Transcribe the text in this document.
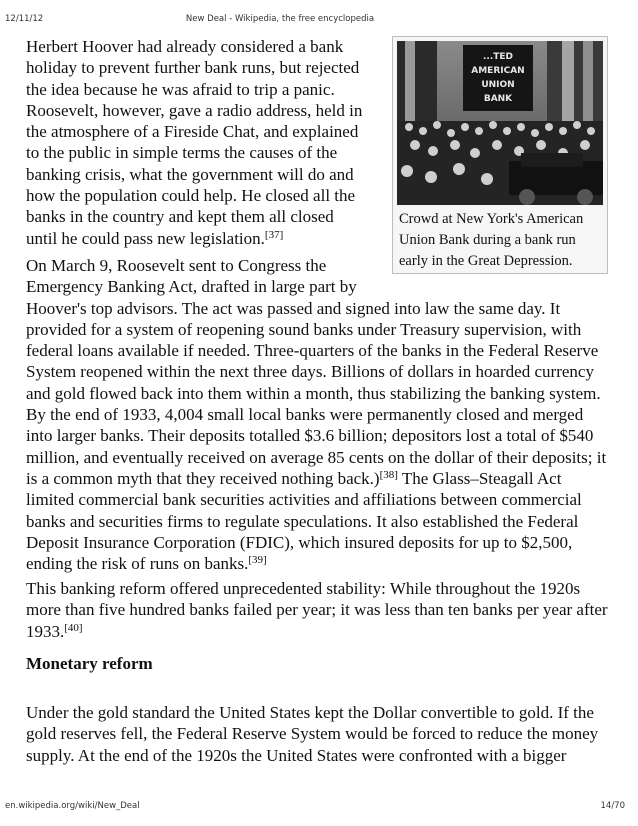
12/11/12	New Deal - Wikipedia, the free encyclopedia
...TED
AMERICAN
UNION
BANK
Crowd at New York's American
Union Bank during a bank run
early in the Great Depression.

Herbert Hoover had already considered a bank
holiday to prevent further bank runs, but rejected
the idea because he was afraid to trip a panic.
Roosevelt, however, gave a radio address, held in
the atmosphere of a Fireside Chat, and explained
to the public in simple terms the causes of the
banking crisis, what the government will do and
how the population could help. He closed all the
banks in the country and kept them all closed
until he could pass new legislation.[37]

On March 9, Roosevelt sent to Congress the
Emergency Banking Act, drafted in large part by
Hoover's top advisors. The act was passed and signed into law the same day. It
provided for a system of reopening sound banks under Treasury supervision, with
federal loans available if needed. Three-quarters of the banks in the Federal Reserve
System reopened within the next three days. Billions of dollars in hoarded currency
and gold flowed back into them within a month, thus stabilizing the banking system.
By the end of 1933, 4,004 small local banks were permanently closed and merged
into larger banks. Their deposits totalled $3.6 billion; depositors lost a total of $540
million, and eventually received on average 85 cents on the dollar of their deposits; it
is a common myth that they received nothing back.)[38] The Glass–Steagall Act
limited commercial bank securities activities and affiliations between commercial
banks and securities firms to regulate speculations. It also established the Federal
Deposit Insurance Corporation (FDIC), which insured deposits for up to $2,500,
ending the risk of runs on banks.[39]

This banking reform offered unprecedented stability: While throughout the 1920s
more than five hundred banks failed per year; it was less than ten banks per year after
1933.[40]

Monetary reform

Under the gold standard the United States kept the Dollar convertible to gold. If the
gold reserves fell, the Federal Reserve System would be forced to reduce the money
supply. At the end of the 1920s the United States were confronted with a bigger

en.wikipedia.org/wiki/New_Deal	14/70
